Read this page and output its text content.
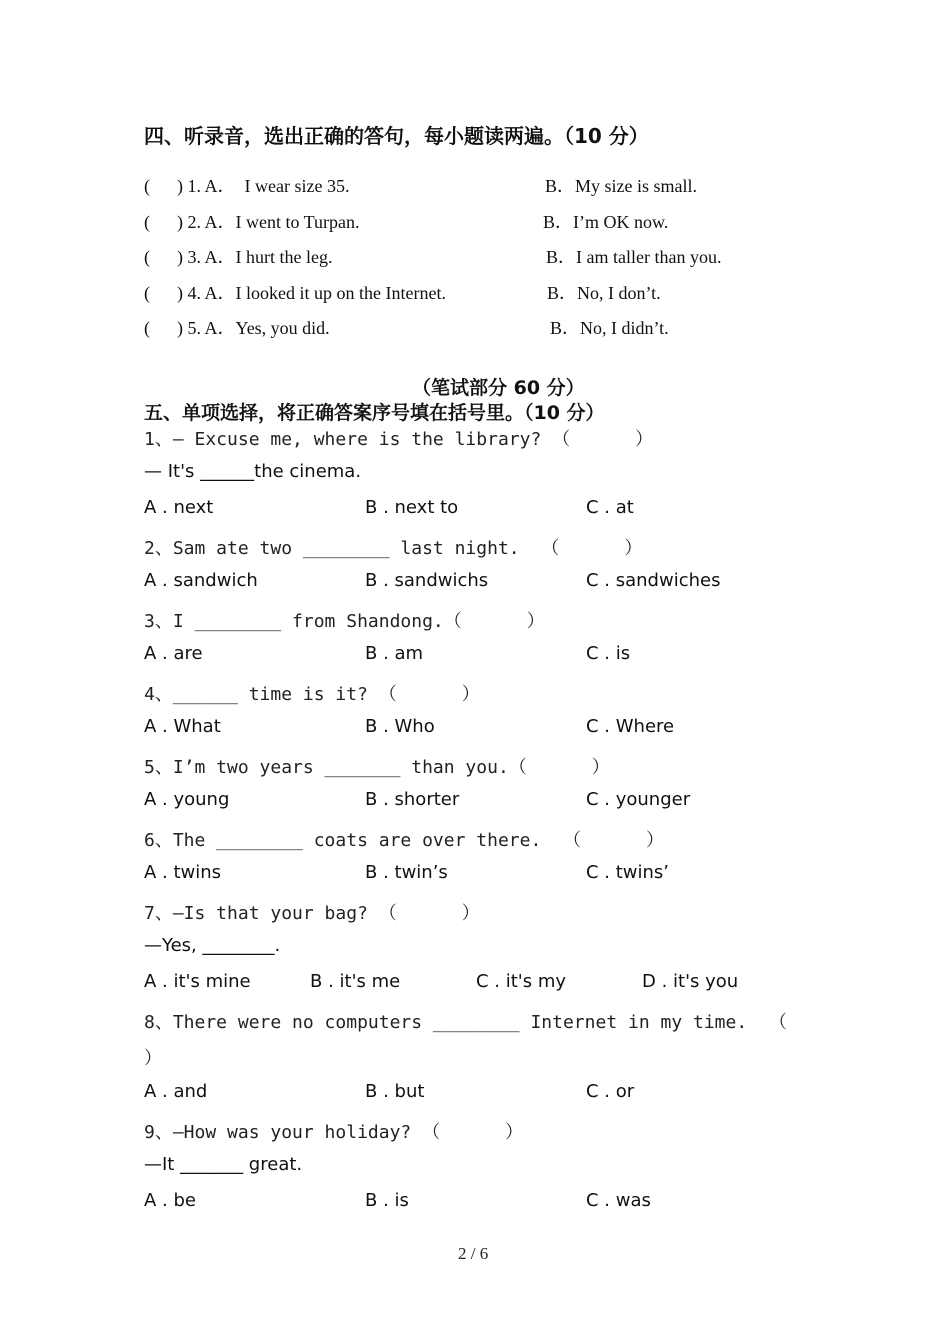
四、听录音，选出正确的答句，每小题读两遍。（10 分）
(      ) 1. A．  I wear size 35.	B．My size is small.
(      ) 2. A．I went to Turpan.	B．I’m OK now.
(      ) 3. A．I hurt the leg.	B．I am taller than you.
(      ) 4. A．I looked it up on the Internet.	B．No, I don’t.
(      ) 5. A．Yes, you did.	B．No, I didn’t.
（笔试部分 60 分）
五、单项选择，将正确答案序号填在括号里。（10 分）
1、— Excuse me, where is the library? （      ）
— It's ______the cinema.
A . next	B . next to	C . at
2、Sam ate two ________ last night.  （      ）
A . sandwich	B . sandwichs	C . sandwiches
3、I ________ from Shandong.（      ）
A . are	B . am	C . is
4、______ time is it? （      ）
A . What	B . Who	C . Where
5、I’m two years _______ than you.（      ）
A . young	B . shorter	C . younger
6、The ________ coats are over there.  （      ）
A . twins	B . twin’s	C . twins’
7、—Is that your bag? （      ）
—Yes, ________.
A . it's mine	B . it's me	C . it's my	D . it's you
8、There were no computers ________ Internet in my time.  （
）
A . and	B . but	C . or
9、—How was your holiday? （      ）
—It _______ great.
A . be	B . is	C . was
2 / 6
